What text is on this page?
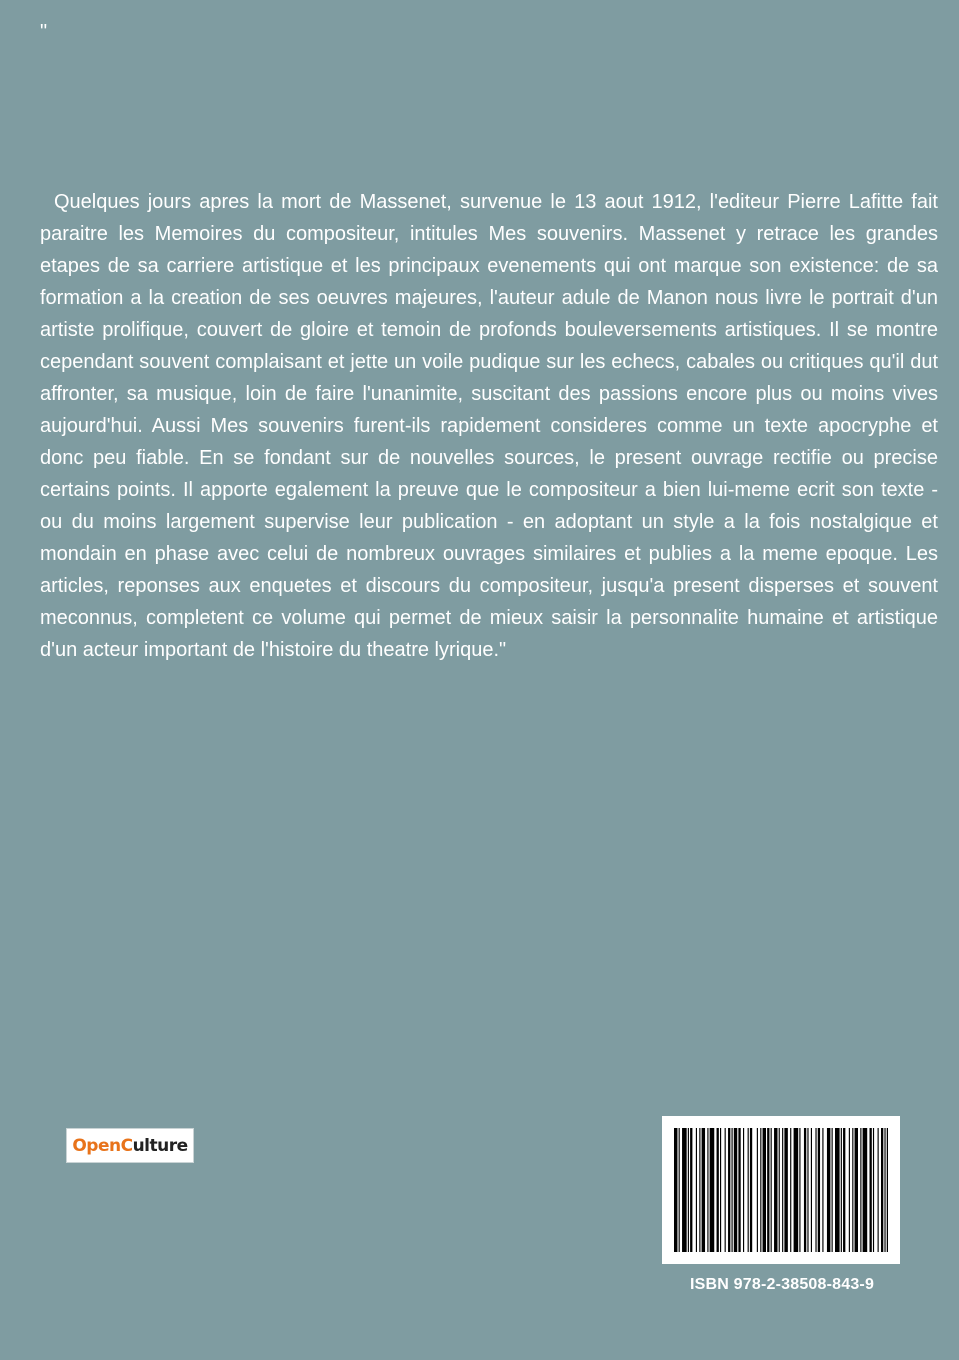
"

Quelques jours apres la mort de Massenet, survenue le 13 aout 1912, l'editeur Pierre Lafitte fait paraitre les Memoires du compositeur, intitules Mes souvenirs. Massenet y retrace les grandes etapes de sa carriere artistique et les principaux evenements qui ont marque son existence: de sa formation a la creation de ses oeuvres majeures, l'auteur adule de Manon nous livre le portrait d'un artiste prolifique, couvert de gloire et temoin de profonds bouleversements artistiques. Il se montre cependant souvent complaisant et jette un voile pudique sur les echecs, cabales ou critiques qu'il dut affronter, sa musique, loin de faire l'unanimite, suscitant des passions encore plus ou moins vives aujourd'hui. Aussi Mes souvenirs furent-ils rapidement consideres comme un texte apocryphe et donc peu fiable. En se fondant sur de nouvelles sources, le present ouvrage rectifie ou precise certains points. Il apporte egalement la preuve que le compositeur a bien lui-meme ecrit son texte - ou du moins largement supervise leur publication - en adoptant un style a la fois nostalgique et mondain en phase avec celui de nombreux ouvrages similaires et publies a la meme epoque. Les articles, reponses aux enquetes et discours du compositeur, jusqu'a present disperses et souvent meconnus, completent ce volume qui permet de mieux saisir la personnalite humaine et artistique d'un acteur important de l'histoire du theatre lyrique."

Open C ulture
ISBN 978-2-38508-843-9
